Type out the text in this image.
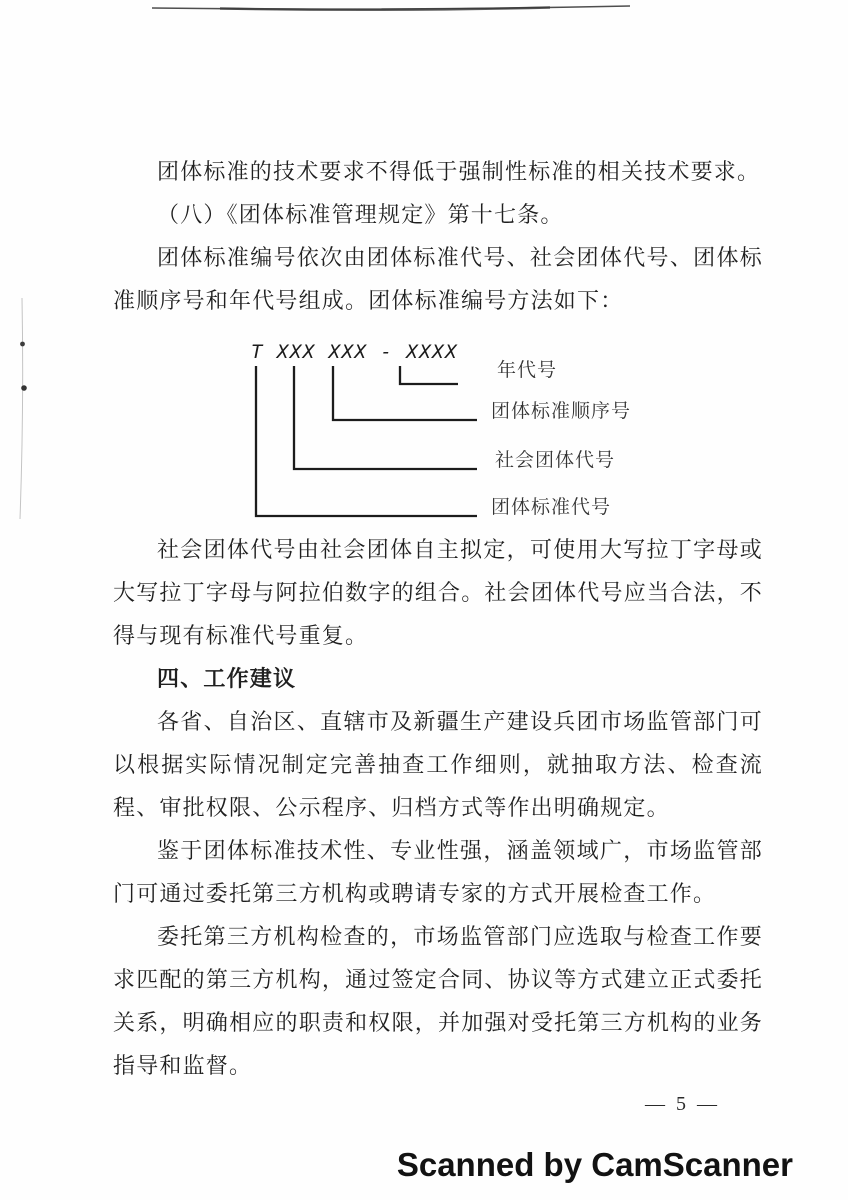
团体标准的技术要求不得低于强制性标准的相关技术要求。

（八）《团体标准管理规定》第十七条。

团体标准编号依次由团体标准代号、社会团体代号、团体标准顺序号和年代号组成。团体标准编号方法如下：

T XXX XXX - XXXX
年代号
团体标准顺序号
社会团体代号
团体标准代号

社会团体代号由社会团体自主拟定，可使用大写拉丁字母或大写拉丁字母与阿拉伯数字的组合。社会团体代号应当合法，不得与现有标准代号重复。

四、工作建议

各省、自治区、直辖市及新疆生产建设兵团市场监管部门可以根据实际情况制定完善抽查工作细则，就抽取方法、检查流程、审批权限、公示程序、归档方式等作出明确规定。

鉴于团体标准技术性、专业性强，涵盖领域广，市场监管部门可通过委托第三方机构或聘请专家的方式开展检查工作。

委托第三方机构检查的，市场监管部门应选取与检查工作要求匹配的第三方机构，通过签定合同、协议等方式建立正式委托关系，明确相应的职责和权限，并加强对受托第三方机构的业务指导和监督。

— 5 —
Scanned by CamScanner
